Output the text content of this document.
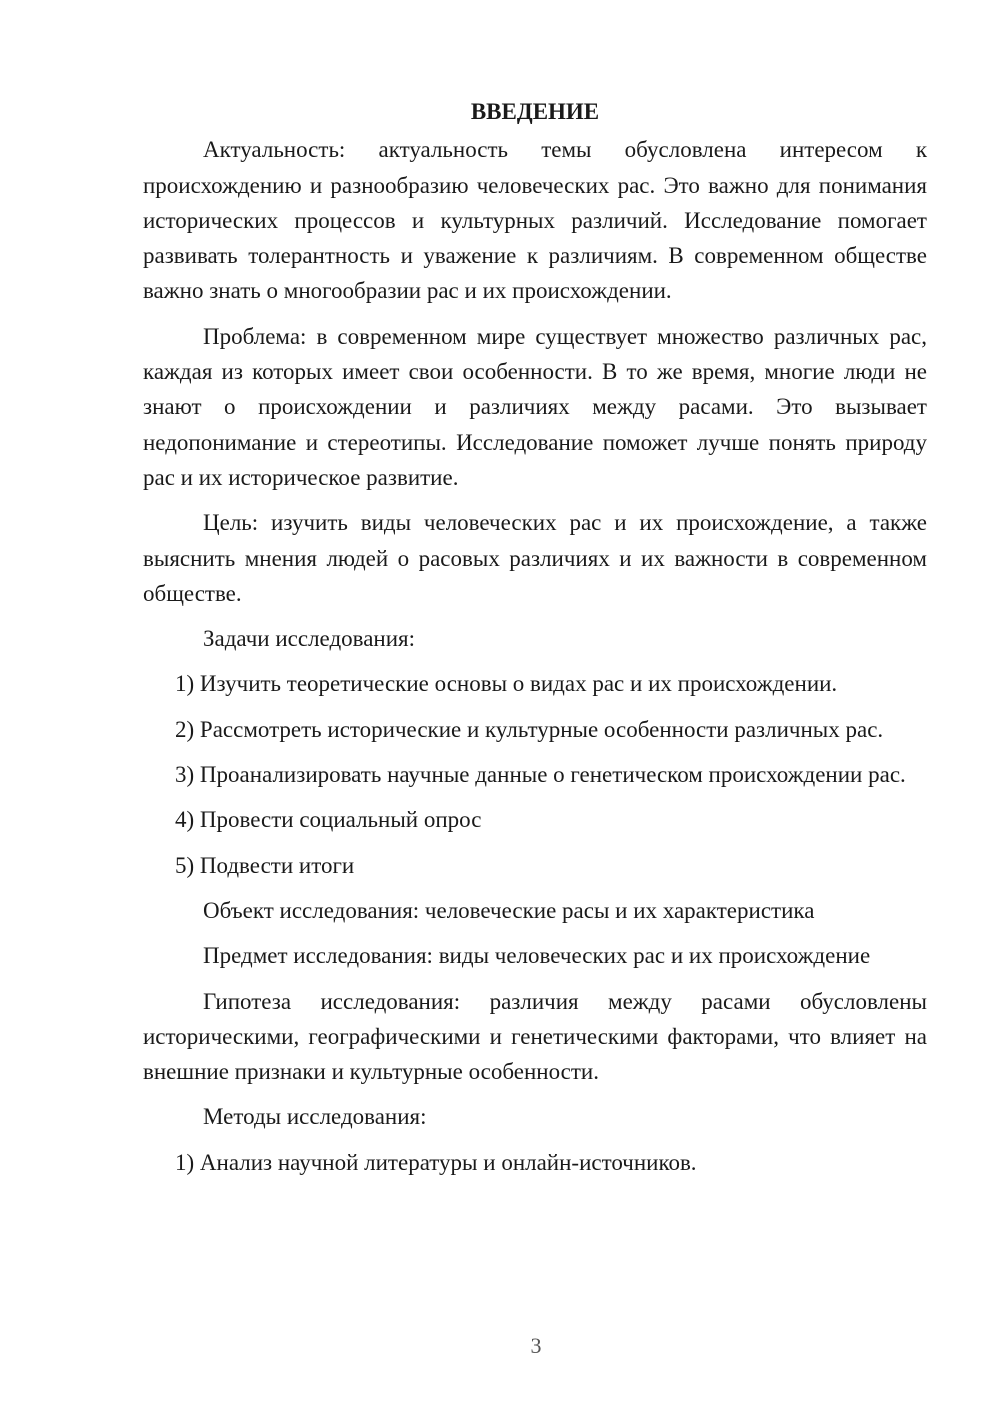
ВВЕДЕНИЕ

Актуальность: актуальность темы обусловлена интересом к происхождению и разнообразию человеческих рас. Это важно для понимания исторических процессов и культурных различий. Исследование помогает развивать толерантность и уважение к различиям. В современном обществе важно знать о многообразии рас и их происхождении.

Проблема: в современном мире существует множество различных рас, каждая из которых имеет свои особенности. В то же время, многие люди не знают о происхождении и различиях между расами. Это вызывает недопонимание и стереотипы. Исследование поможет лучше понять природу рас и их историческое развитие.

Цель: изучить виды человеческих рас и их происхождение, а также выяснить мнения людей о расовых различиях и их важности в современном обществе.

Задачи исследования:

1) Изучить теоретические основы о видах рас и их происхождении.

2) Рассмотреть исторические и культурные особенности различных рас.

3) Проанализировать научные данные о генетическом происхождении рас.

4) Провести социальный опрос

5) Подвести итоги

Объект исследования: человеческие расы и их характеристика

Предмет исследования: виды человеческих рас и их происхождение

Гипотеза исследования: различия между расами обусловлены историческими, географическими и генетическими факторами, что влияет на внешние признаки и культурные особенности.

Методы исследования:

1) Анализ научной литературы и онлайн-источников.

3
